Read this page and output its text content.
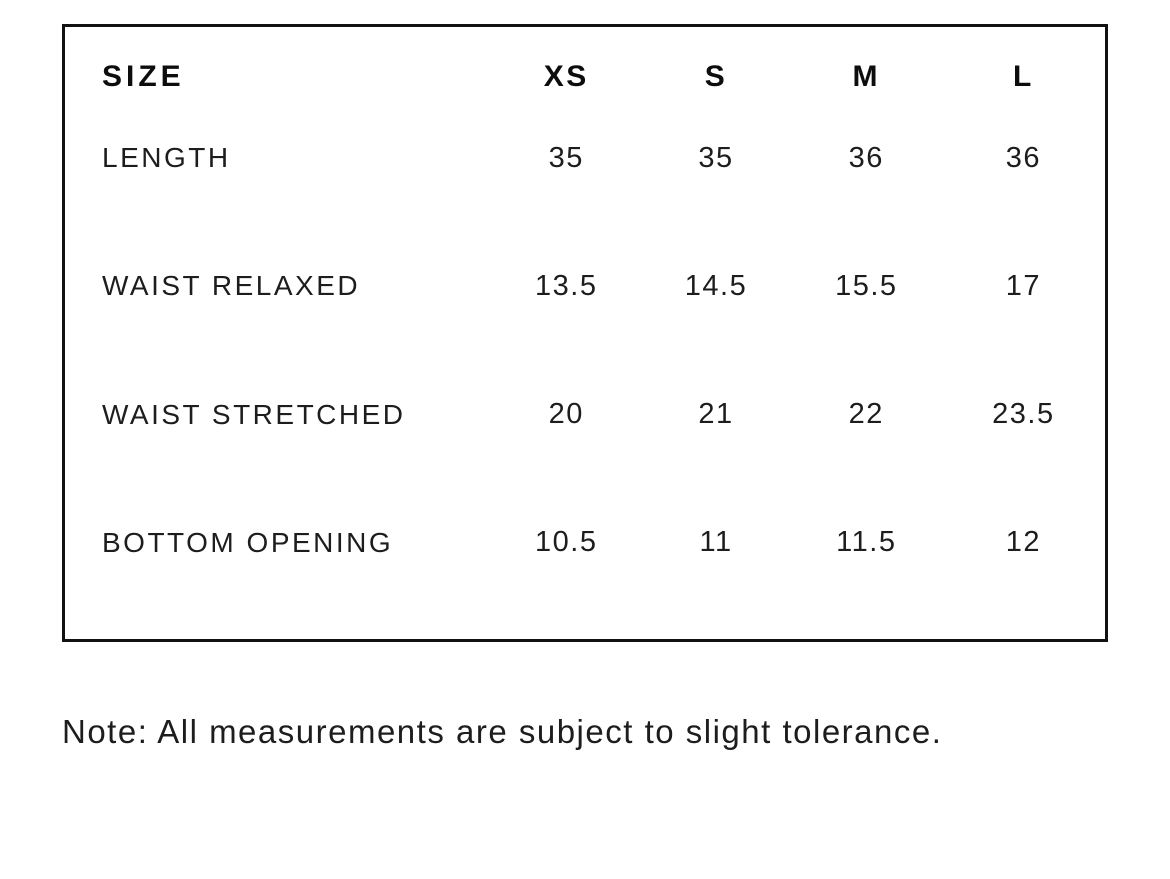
SIZE	XS	S	M	L
LENGTH	35	35	36	36
WAIST RELAXED	13.5	14.5	15.5	17
WAIST STRETCHED	20	21	22	23.5
BOTTOM OPENING	10.5	11	11.5	12

Note: All measurements are subject to slight tolerance.
